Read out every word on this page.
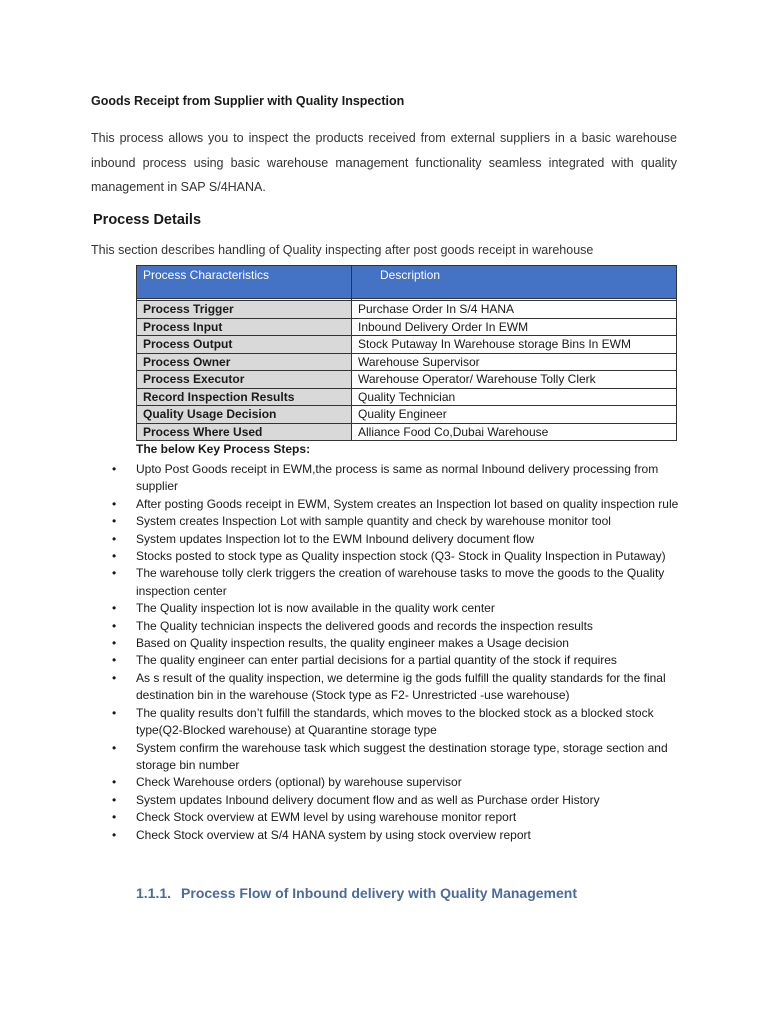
Goods Receipt from Supplier with Quality Inspection

This process allows you to inspect the products received from external suppliers in a basic warehouse inbound process using basic warehouse management functionality seamless integrated with quality management in SAP S/4HANA.

Process Details

This section describes handling of Quality inspecting after post goods receipt in warehouse

Process Characteristics	Description

Process Trigger	Purchase Order In S/4 HANA
Process Input	Inbound Delivery Order In EWM
Process Output	Stock Putaway In Warehouse storage Bins In EWM
Process Owner	Warehouse Supervisor
Process Executor	Warehouse Operator/ Warehouse Tolly Clerk
Record Inspection Results	Quality Technician
Quality Usage Decision	Quality Engineer
Process Where Used	Alliance Food Co,Dubai Warehouse

The below Key Process Steps:

• Upto Post Goods receipt in EWM,the process is same as normal Inbound delivery processing from supplier
• After posting Goods receipt in EWM, System creates an Inspection lot based on quality inspection rule
• System creates Inspection Lot with sample quantity and check by warehouse monitor tool
• System updates Inspection lot to the EWM Inbound delivery document flow
• Stocks posted to stock type as Quality inspection stock (Q3- Stock in Quality Inspection in Putaway)
• The warehouse tolly clerk triggers the creation of warehouse tasks to move the goods to the Quality inspection center
• The Quality inspection lot is now available in the quality work center
• The Quality technician inspects the delivered goods and records the inspection results
• Based on Quality inspection results, the quality engineer makes a Usage decision
• The quality engineer can enter partial decisions for a partial quantity of the stock if requires
• As s result of the quality inspection, we determine ig the gods fulfill the quality standards for the final destination bin in the warehouse (Stock type as F2- Unrestricted -use warehouse)
• The quality results don’t fulfill the standards, which moves to the blocked stock as a blocked stock type(Q2-Blocked warehouse) at Quarantine storage type
• System confirm the warehouse task which suggest the destination storage type, storage section and storage bin number
• Check Warehouse orders (optional) by warehouse supervisor
• System updates Inbound delivery document flow and as well as Purchase order History
• Check Stock overview at EWM level by using warehouse monitor report
• Check Stock overview at S/4 HANA system by using stock overview report
1.1.1. Process Flow of Inbound delivery with Quality Management
